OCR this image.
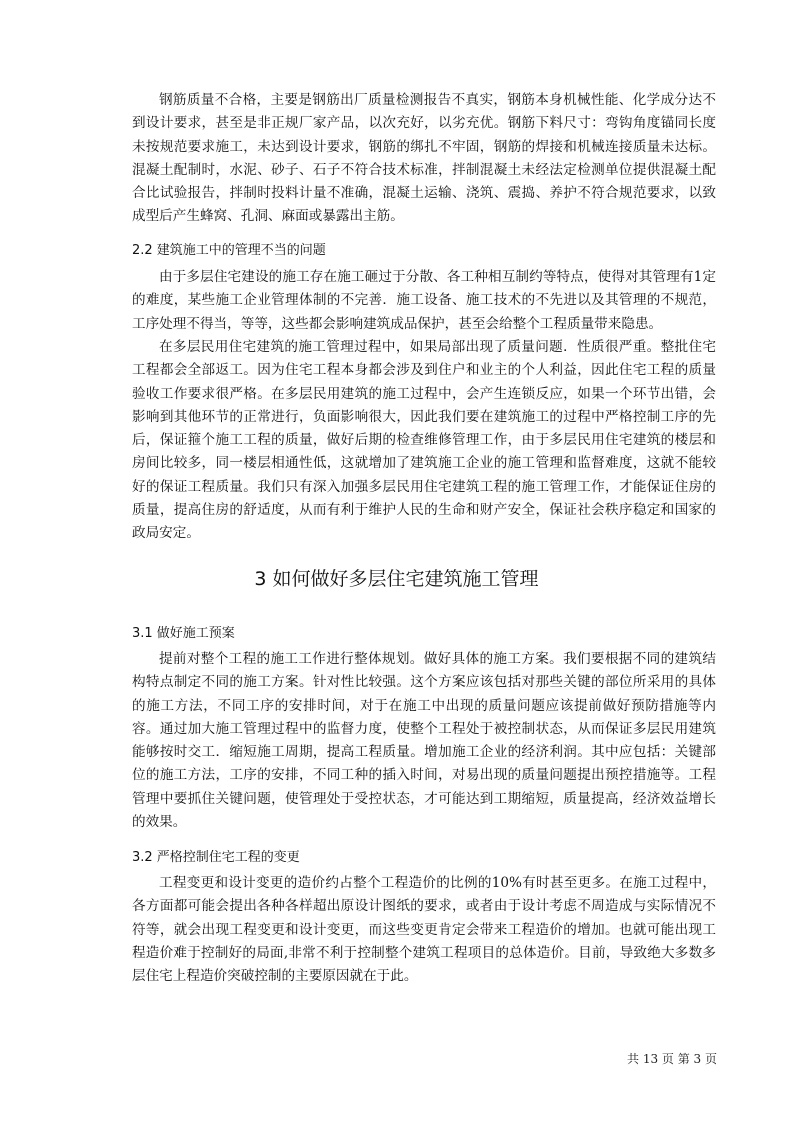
钢筋质量不合格，主要是钢筋出厂质量检测报告不真实，钢筋本身机械性能、化学成分达不到设计要求，甚至是非正规厂家产品，以次充好，以劣充优。钢筋下料尺寸：弯钩角度锚同长度未按规范要求施工，未达到设计要求，钢筋的绑扎不牢固，钢筋的焊接和机械连接质量未达标。混凝土配制时，水泥、砂子、石子不符合技术标准，拌制混凝土未经法定检测单位提供混凝土配合比试验报告，拌制时投料计量不准确，混凝土运输、浇筑、震捣、养护不符合规范要求，以致成型后产生蜂窝、孔洞、麻面或暴露出主筋。

2.2 建筑施工中的管理不当的问题

由于多层住宅建设的施工存在施工砸过于分散、各工种相互制约等特点，使得对其管理有1定的难度，某些施工企业管理体制的不完善．施工设备、施工技术的不先进以及其管理的不规范，工序处理不得当，等等，这些都会影响建筑成品保护，甚至会给整个工程质量带来隐患。

在多层民用住宅建筑的施工管理过程中，如果局部出现了质量问题．性质很严重。整批住宅工程都会全部返工。因为住宅工程本身都会涉及到住户和业主的个人利益，因此住宅工程的质量验收工作要求很严格。在多层民用建筑的施工过程中，会产生连锁反应，如果一个环节出错，会影响到其他环节的正常进行，负面影响很大，因此我们要在建筑施工的过程中严格控制工序的先后，保证箍个施工工程的质量，做好后期的检查维修管理工作，由于多层民用住宅建筑的楼层和房间比较多，同一楼层相通性低，这就增加了建筑施工企业的施工管理和监督难度，这就不能较好的保证工程质量。我们只有深入加强多层民用住宅建筑工程的施工管理工作，才能保证住房的质量，提高住房的舒适度，从而有利于维护人民的生命和财产安全，保证社会秩序稳定和国家的政局安定。

3 如何做好多层住宅建筑施工管理

3.1 做好施工预案

提前对整个工程的施工工作进行整体规划。做好具体的施工方案。我们要根据不同的建筑结构特点制定不同的施工方案。针对性比较强。这个方案应该包括对那些关键的部位所采用的具体的施工方法，不同工序的安排时间，对于在施工中出现的质量问题应该提前做好预防措施等内容。通过加大施工管理过程中的监督力度，使整个工程处于被控制状态，从而保证多层民用建筑能够按时交工．缩短施工周期，提高工程质量。增加施工企业的经济利润。其中应包括：关键部位的施工方法，工序的安排，不同工种的插入时间，对易出现的质量问题提出预控措施等。工程管理中要抓住关键问题，使管理处于受控状态，才可能达到工期缩短，质量提高，经济效益增长的效果。

3.2 严格控制住宅工程的变更

工程变更和设计变更的造价约占整个工程造价的比例的10%有时甚至更多。在施工过程中，各方面都可能会提出各种各样超出原设计图纸的要求，或者由于设计考虑不周造成与实际情况不符等，就会出现工程变更和设计变更，而这些变更肯定会带来工程造价的增加。也就可能出现工程造价难于控制好的局面,非常不利于控制整个建筑工程项目的总体造价。目前，导致绝大多数多层住宅上程造价突破控制的主要原因就在于此。

共 13 页 第 3 页
